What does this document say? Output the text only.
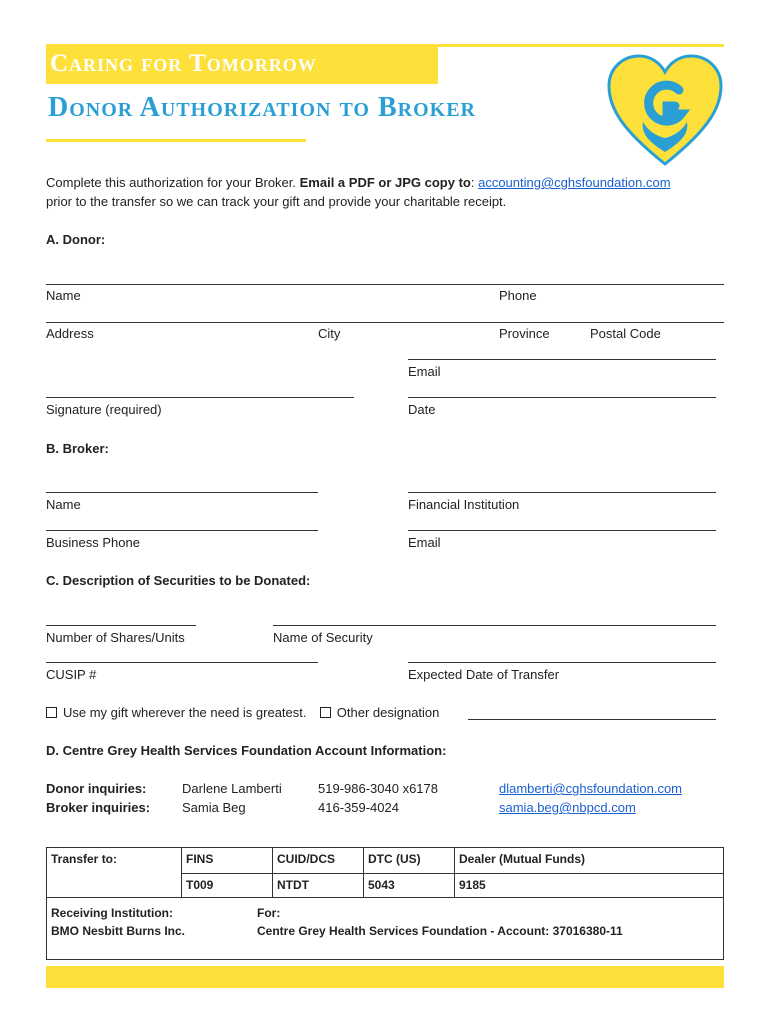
Caring for Tomorrow
Donor Authorization to Broker
Complete this authorization for your Broker. Email a PDF or JPG copy to: accounting@cghsfoundation.com
prior to the transfer so we can track your gift and provide your charitable receipt.
A. Donor:
Name	Phone
Address	City	Province	Postal Code
Email
Signature (required)	Date
B. Broker:
Name	Financial Institution
Business Phone	Email
C. Description of Securities to be Donated:
Number of Shares/Units	Name of Security
CUSIP #	Expected Date of Transfer
Use my gift wherever the need is greatest. Other designation
D. Centre Grey Health Services Foundation Account Information:
Donor inquiries:	Darlene Lamberti	519-986-3040 x6178	dlamberti@cghsfoundation.com
Broker inquiries: Samia Beg	416-359-4024	samia.beg@nbpcd.com
Transfer to:	FINS	CUID/DCS	DTC (US)	Dealer (Mutual Funds)
	T009	NTDT	5043	9185

Receiving Institution:
BMO Nesbitt Burns Inc.
For:
Centre Grey Health Services Foundation - Account: 37016380-11				
